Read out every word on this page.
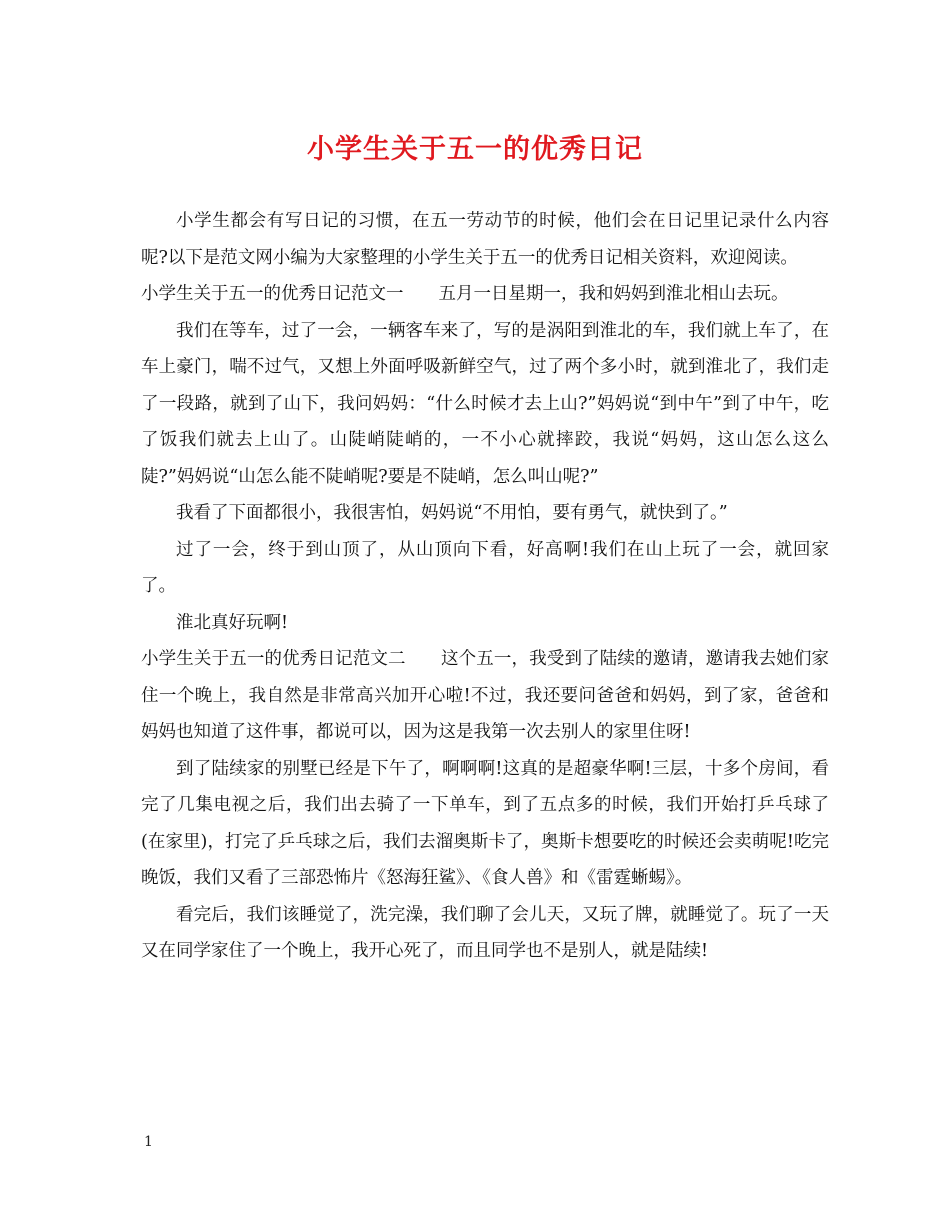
小学生关于五一的优秀日记

小学生都会有写日记的习惯，在五一劳动节的时候，他们会在日记里记录什么内容呢?以下是范文网小编为大家整理的小学生关于五一的优秀日记相关资料，欢迎阅读。

小学生关于五一的优秀日记范文一　　五月一日星期一，我和妈妈到淮北相山去玩。

我们在等车，过了一会，一辆客车来了，写的是涡阳到淮北的车，我们就上车了，在车上豪门，喘不过气，又想上外面呼吸新鲜空气，过了两个多小时，就到淮北了，我们走了一段路，就到了山下，我问妈妈：“什么时候才去上山?”妈妈说“到中午”到了中午，吃了饭我们就去上山了。山陡峭陡峭的，一不小心就摔跤，我说“妈妈，这山怎么这么陡?”妈妈说“山怎么能不陡峭呢?要是不陡峭，怎么叫山呢?”

我看了下面都很小，我很害怕，妈妈说“不用怕，要有勇气，就快到了。”

过了一会，终于到山顶了，从山顶向下看，好高啊!我们在山上玩了一会，就回家了。

淮北真好玩啊!

小学生关于五一的优秀日记范文二　　这个五一，我受到了陆续的邀请，邀请我去她们家住一个晚上，我自然是非常高兴加开心啦!不过，我还要问爸爸和妈妈，到了家，爸爸和妈妈也知道了这件事，都说可以，因为这是我第一次去别人的家里住呀!

到了陆续家的别墅已经是下午了，啊啊啊!这真的是超豪华啊!三层，十多个房间，看完了几集电视之后，我们出去骑了一下单车，到了五点多的时候，我们开始打乒乓球了(在家里)，打完了乒乓球之后，我们去溜奥斯卡了，奥斯卡想要吃的时候还会卖萌呢!吃完晚饭，我们又看了三部恐怖片《怒海狂鲨》、《食人兽》和《雷霆蜥蜴》。

看完后，我们该睡觉了，洗完澡，我们聊了会儿天，又玩了牌，就睡觉了。玩了一天又在同学家住了一个晚上，我开心死了，而且同学也不是别人，就是陆续!

1
